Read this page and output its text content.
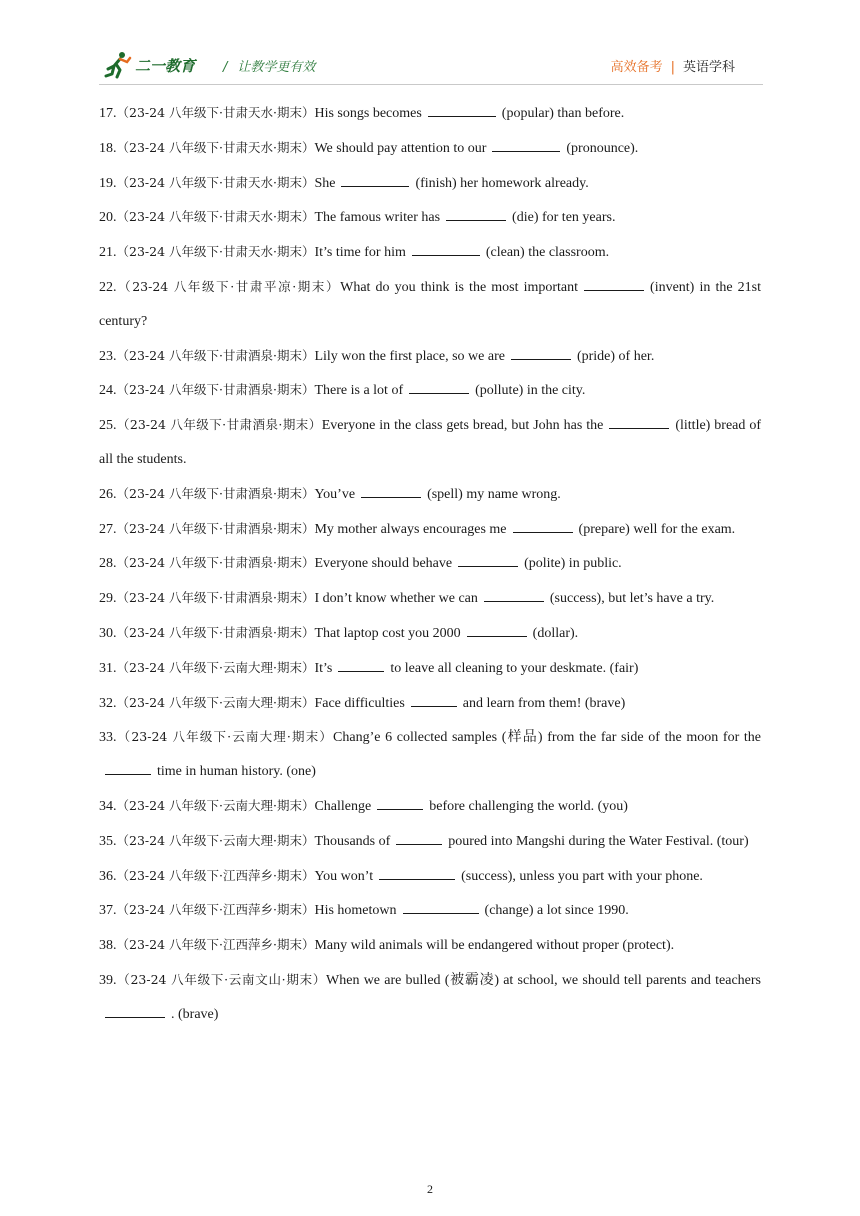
二一教育 / 让教学更有效	高效备考 | 英语学科
17.（23-24 八年级下·甘肃天水·期末）His songs becomes	(popular) than before.
18.（23-24 八年级下·甘肃天水·期末）We should pay attention to our	(pronounce).
19.（23-24 八年级下·甘肃天水·期末）She	(finish) her homework already.
20.（23-24 八年级下·甘肃天水·期末）The famous writer has	(die) for ten years.
21.（23-24 八年级下·甘肃天水·期末）It’s time for him	(clean) the classroom.
22.（23-24 八年级下·甘肃平凉·期末）What do you think is the most important	(invent) in the 21st century?
23.（23-24 八年级下·甘肃酒泉·期末）Lily won the first place, so we are	(pride) of her.
24.（23-24 八年级下·甘肃酒泉·期末）There is a lot of	(pollute) in the city.
25.（23-24 八年级下·甘肃酒泉·期末）Everyone in the class gets bread, but John has the	(little) bread of all the students.
26.（23-24 八年级下·甘肃酒泉·期末）You’ve	(spell) my name wrong.
27.（23-24 八年级下·甘肃酒泉·期末）My mother always encourages me	(prepare) well for the exam.
28.（23-24 八年级下·甘肃酒泉·期末）Everyone should behave	(polite) in public.
29.（23-24 八年级下·甘肃酒泉·期末）I don’t know whether we can	(success), but let’s have a try.
30.（23-24 八年级下·甘肃酒泉·期末）That laptop cost you 2000	(dollar).
31.（23-24 八年级下·云南大理·期末）It’s	to leave all cleaning to your deskmate. (fair)
32.（23-24 八年级下·云南大理·期末）Face difficulties	and learn from them! (brave)
33.（23-24 八年级下·云南大理·期末）Chang’e 6 collected samples (样品) from the far side of the moon for thetime in human history. (one)
34.（23-24 八年级下·云南大理·期末）Challenge	before challenging the world. (you)
35.（23-24 八年级下·云南大理·期末）Thousands of	poured into Mangshi during the Water Festival. (tour)
36.（23-24 八年级下·江西萍乡·期末）You won’t	(success), unless you part with your phone.
37.（23-24 八年级下·江西萍乡·期末）His hometown	(change) a lot since 1990.
38.（23-24 八年级下·江西萍乡·期末）Many wild animals will be endangered without proper (protect).
39.（23-24 八年级下·云南文山·期末）When we are bulled (被霸凌) at school, we should tell parents and teachers. (brave)
2
